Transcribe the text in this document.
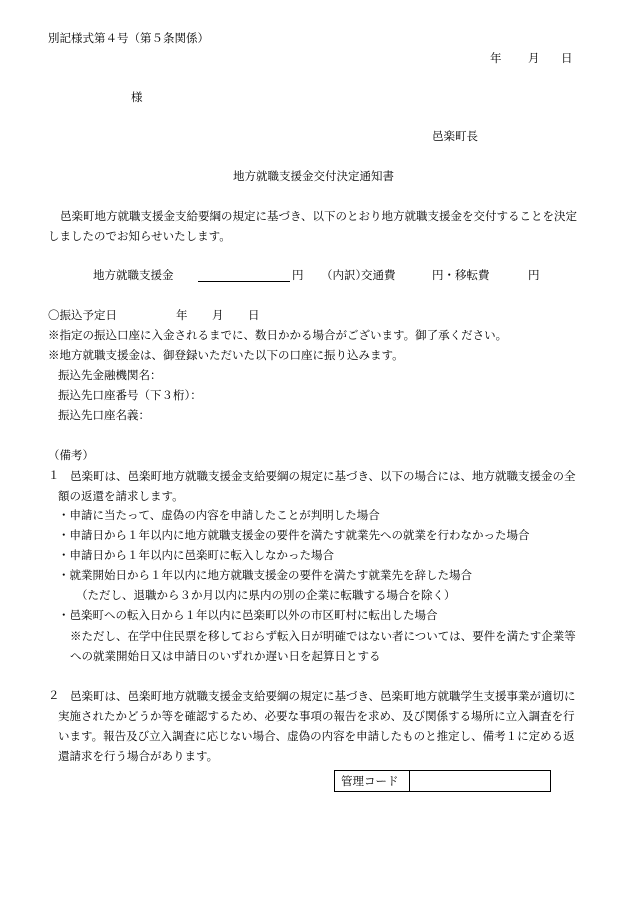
別記様式第４号（第５条関係）
年 月 日
様
邑楽町長
地方就職支援金交付決定通知書
邑楽町地方就職支援金支給要綱の規定に基づき、以下のとおり地方就職支援金を交付することを決定しましたのでお知らせいたします。
地方就職支援金	円 （内訳）
交通費	円・移転費	円
〇振込予定日	年 月 日
※指定の振込口座に入金されるまでに、数日かかる場合がございます。御了承ください。
※地方就職支援金は、御登録いただいた以下の口座に振り込みます。
振込先金融機関名：
振込先口座番号（下３桁）：
振込先口座名義：
（備考）
１ 邑楽町は、邑楽町地方就職支援金支給要綱の規定に基づき、以下の場合には、地方就職支援金の全額の返還を請求します。
・申請に当たって、虚偽の内容を申請したことが判明した場合
・申請日から１年以内に地方就職支援金の要件を満たす就業先への就業を行わなかった場合
・申請日から１年以内に邑楽町に転入しなかった場合
・就業開始日から１年以内に地方就職支援金の要件を満たす就業先を辞した場合
（ただし、退職から３か月以内に県内の別の企業に転職する場合を除く）
・邑楽町への転入日から１年以内に邑楽町以外の市区町村に転出した場合
※ただし、在学中住民票を移しておらず転入日が明確ではない者については、要件を満たす企業等への就業開始日又は申請日のいずれか遅い日を起算日とする
２ 邑楽町は、邑楽町地方就職支援金支給要綱の規定に基づき、邑楽町地方就職学生支援事業が適切に実施されたかどうか等を確認するため、必要な事項の報告を求め、及び関係する場所に立入調査を行います。報告及び立入調査に応じない場合、虚偽の内容を申請したものと推定し、備考１に定める返還請求を行う場合があります。
管理コード	
